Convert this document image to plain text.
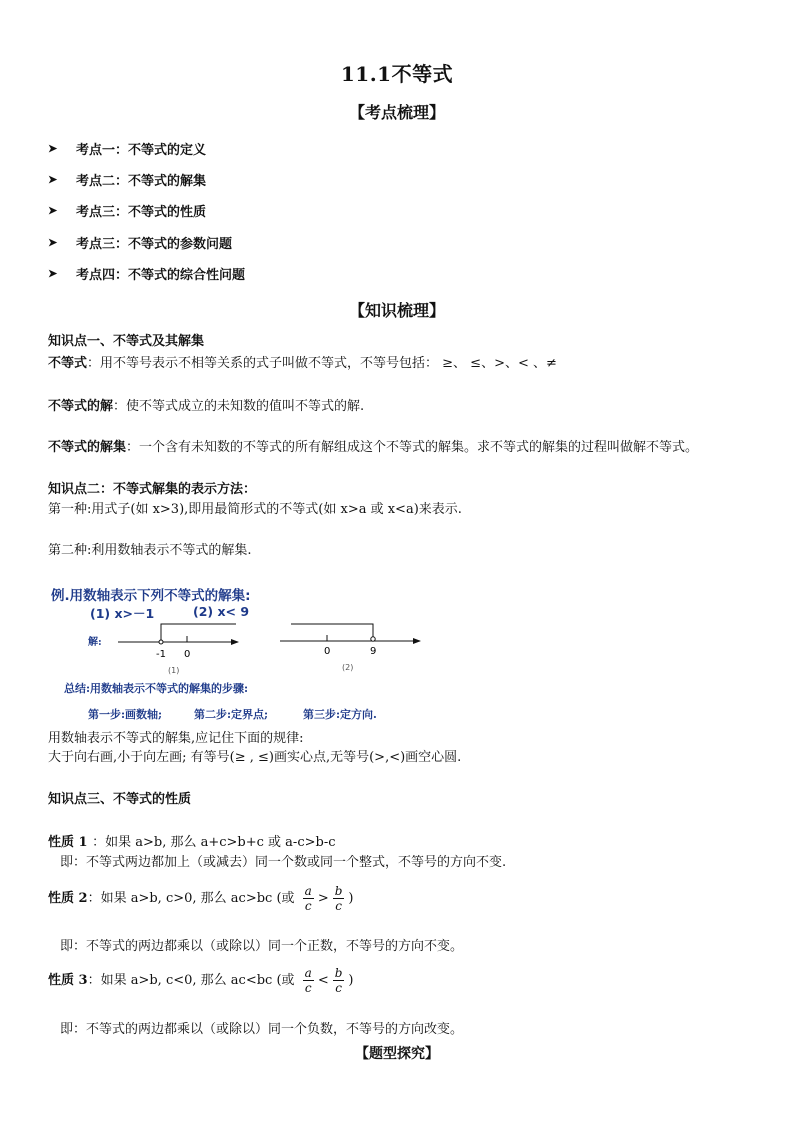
11.1不等式
【考点梳理】
➤	考点一：不等式的定义
➤	考点二：不等式的解集
➤	考点三：不等式的性质
➤	考点三：不等式的参数问题
➤	考点四：不等式的综合性问题
【知识梳理】
知识点一、不等式及其解集
不等式：用不等号表示不相等关系的式子叫做不等式，不等号包括： ≥、 ≤、>、< 、≠
不等式的解：使不等式成立的未知数的值叫不等式的解.
不等式的解集：一个含有未知数的不等式的所有解组成这个不等式的解集。求不等式的解集的过程叫做解不等式。
知识点二：不等式解集的表示方法：
第一种:用式子(如 x>3),即用最简形式的不等式(如 x>a 或 x<a)来表示.
第二种:利用数轴表示不等式的解集.
例.用数轴表示下列不等式的解集:
(1) x>－1	(2) x< 9
解:
-1 0
(1)
0	9
(2)
总结:用数轴表示不等式的解集的步骤:
第一步:画数轴;	第二步:定界点;	第三步:定方向.
用数轴表示不等式的解集,应记住下面的规律:
大于向右画,小于向左画; 有等号(≥ , ≤)画实心点,无等号(>,<)画空心圆.
知识点三、不等式的性质
性质 1 ：如果 a>b, 那么 a+c>b+c 或 a-c>b-c
即：不等式两边都加上（或减去）同一个数或同一个整式，不等号的方向不变.
性质 2：如果 a>b, c>0, 那么 ac>bc (或 $\frac{a}{c} > \frac{b}{c}$ )
即：不等式的两边都乘以（或除以）同一个正数，不等号的方向不变。
性质 3：如果 a>b, c<0, 那么 ac<bc (或 $\frac{a}{c} < \frac{b}{c}$ )
即：不等式的两边都乘以（或除以）同一个负数，不等号的方向改变。
【题型探究】
